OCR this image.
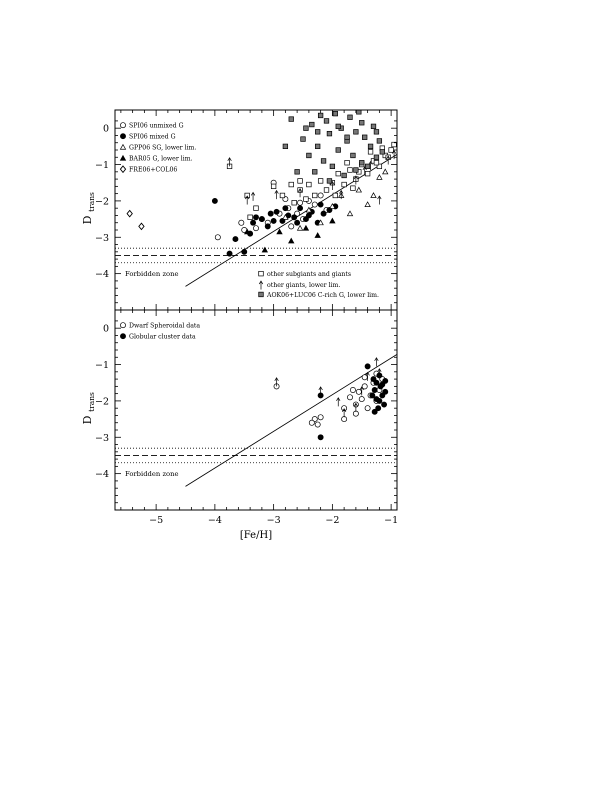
0
−1
−2
−3
−4
D
trans
Forbidden zone
SPI06 unmixed G
SPI06 mixed G
GPP06 SG, lower lim.
BAR05 G, lower lim.
FRE06+COL06
other subgiants and giants
other giants, lower lim.
AOK06+LUC06 C-rich G, lower lim.
0
−1
−2
−3
−4
−5	−4	−3	−2	−1
[Fe/H]
D
trans
Forbidden zone
Dwarf Spheroidal data
Globular cluster data
